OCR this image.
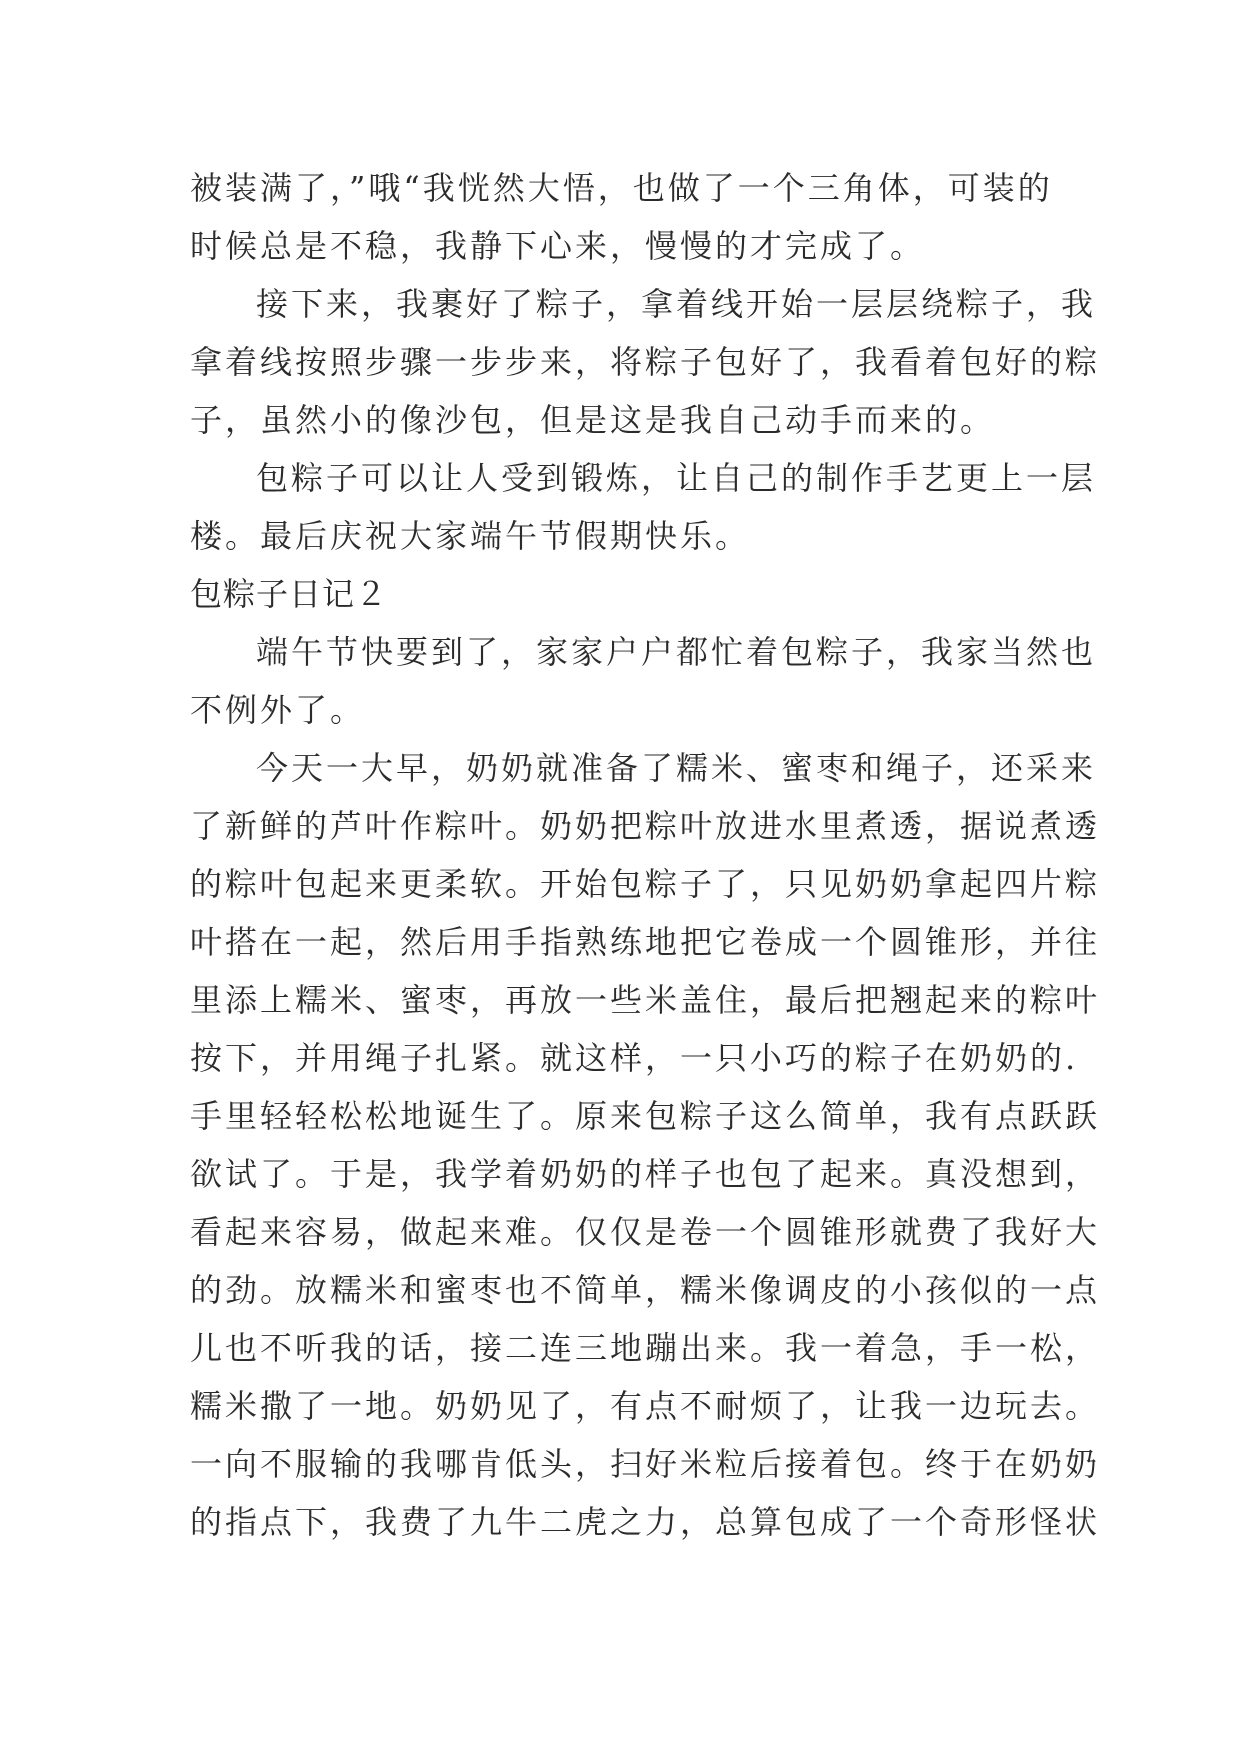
被装满了，”哦“我恍然大悟，也做了一个三角体，可装的
时候总是不稳，我静下心来，慢慢的才完成了。
接下来，我裹好了粽子，拿着线开始一层层绕粽子，我
拿着线按照步骤一步步来，将粽子包好了，我看着包好的粽
子，虽然小的像沙包，但是这是我自己动手而来的。
包粽子可以让人受到锻炼，让自己的制作手艺更上一层
楼。最后庆祝大家端午节假期快乐。
包粽子日记２
端午节快要到了，家家户户都忙着包粽子，我家当然也
不例外了。
今天一大早，奶奶就准备了糯米、蜜枣和绳子，还采来
了新鲜的芦叶作粽叶。奶奶把粽叶放进水里煮透，据说煮透
的粽叶包起来更柔软。开始包粽子了，只见奶奶拿起四片粽
叶搭在一起，然后用手指熟练地把它卷成一个圆锥形，并往
里添上糯米、蜜枣，再放一些米盖住，最后把翘起来的粽叶
按下，并用绳子扎紧。就这样，一只小巧的粽子在奶奶的.
手里轻轻松松地诞生了。原来包粽子这么简单，我有点跃跃
欲试了。于是，我学着奶奶的样子也包了起来。真没想到，
看起来容易，做起来难。仅仅是卷一个圆锥形就费了我好大
的劲。放糯米和蜜枣也不简单，糯米像调皮的小孩似的一点
儿也不听我的话，接二连三地蹦出来。我一着急，手一松，
糯米撒了一地。奶奶见了，有点不耐烦了，让我一边玩去。
一向不服输的我哪肯低头，扫好米粒后接着包。终于在奶奶
的指点下，我费了九牛二虎之力，总算包成了一个奇形怪状
